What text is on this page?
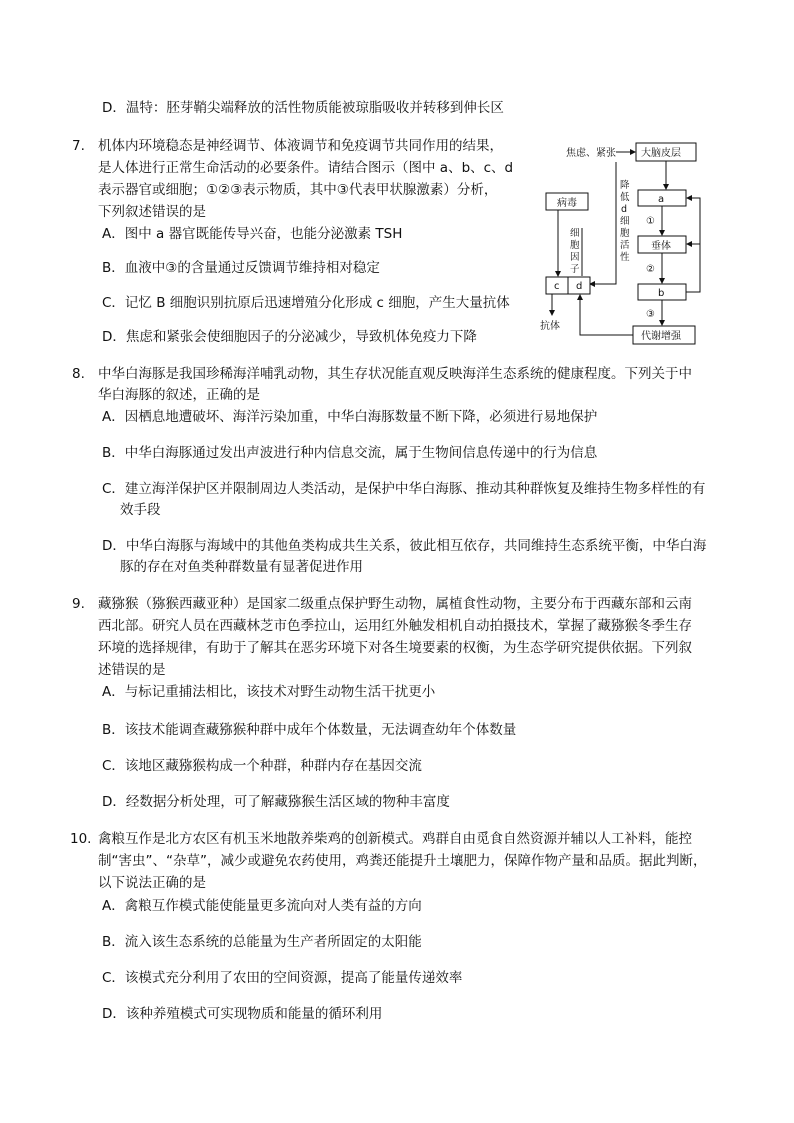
D．温特：胚芽鞘尖端释放的活性物质能被琼脂吸收并转移到伸长区
7. 机体内环境稳态是神经调节、体液调节和免疫调节共同作用的结果，
是人体进行正常生命活动的必要条件。请结合图示（图中 a、b、c、d
表示器官或细胞；①②③表示物质，其中③代表甲状腺激素）分析，
下列叙述错误的是
A．图中 a 器官既能传导兴奋，也能分泌激素 TSH
B．血液中③的含量通过反馈调节维持相对稳定
C．记忆 B 细胞识别抗原后迅速增殖分化形成 c 细胞，产生大量抗体
D．焦虑和紧张会使细胞因子的分泌减少，导致机体免疫力下降
焦虑、紧张	大脑皮层
a
①
垂体
②
b
③
代谢增强
降
低
d
细
胞
活
性
病毒
细
胞
因
子
c d
抗体
8. 中华白海豚是我国珍稀海洋哺乳动物，其生存状况能直观反映海洋生态系统的健康程度。下列关于中
华白海豚的叙述，正确的是
A．因栖息地遭破坏、海洋污染加重，中华白海豚数量不断下降，必须进行易地保护
B．中华白海豚通过发出声波进行种内信息交流，属于生物间信息传递中的行为信息
C．建立海洋保护区并限制周边人类活动，是保护中华白海豚、推动其种群恢复及维持生物多样性的有
效手段
D．中华白海豚与海域中的其他鱼类构成共生关系，彼此相互依存，共同维持生态系统平衡，中华白海
豚的存在对鱼类种群数量有显著促进作用
9. 藏猕猴（猕猴西藏亚种）是国家二级重点保护野生动物，属植食性动物，主要分布于西藏东部和云南
西北部。研究人员在西藏林芝市色季拉山，运用红外触发相机自动拍摄技术，掌握了藏猕猴冬季生存
环境的选择规律，有助于了解其在恶劣环境下对各生境要素的权衡，为生态学研究提供依据。下列叙
述错误的是
A．与标记重捕法相比，该技术对野生动物生活干扰更小
B．该技术能调查藏猕猴种群中成年个体数量，无法调查幼年个体数量
C．该地区藏猕猴构成一个种群，种群内存在基因交流
D．经数据分析处理，可了解藏猕猴生活区域的物种丰富度
10. 禽粮互作是北方农区有机玉米地散养柴鸡的创新模式。鸡群自由觅食自然资源并辅以人工补料，能控
制“害虫”、“杂草”，减少或避免农药使用，鸡粪还能提升土壤肥力，保障作物产量和品质。据此判断，
以下说法正确的是
A．禽粮互作模式能使能量更多流向对人类有益的方向
B．流入该生态系统的总能量为生产者所固定的太阳能
C．该模式充分利用了农田的空间资源，提高了能量传递效率
D．该种养殖模式可实现物质和能量的循环利用
